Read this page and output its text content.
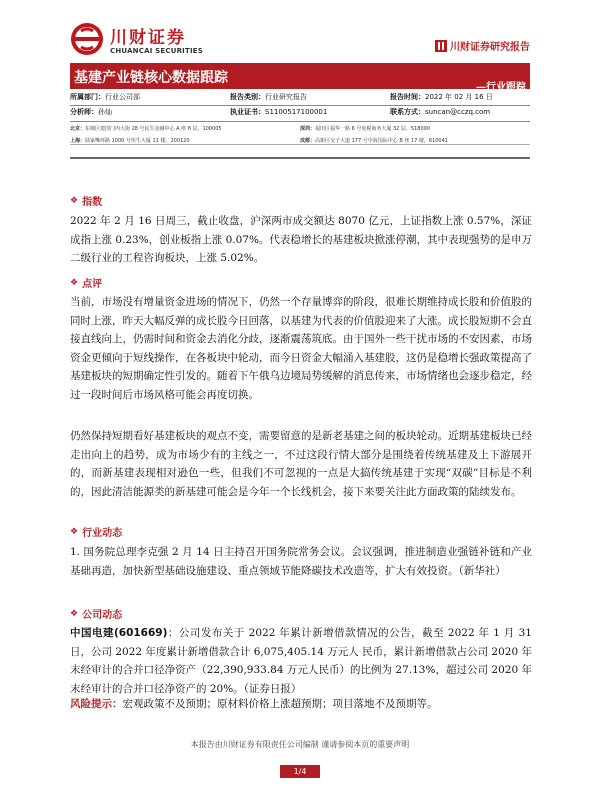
川财证券
CHUANCAI SECURITIES	川财证券研究报告
基建产业链核心数据跟踪
—行业跟踪
所属部门：行业公司部	报告类别：行业研究报告	报告时间：2022 年 02 月 16 日
分析师：孙灿	执业证书：S1100517100001	联系方式：suncan@cczq.com
北京：东城区建国门内大街 28 号民生金融中心 A 座 6 层，100005	深圳：福田区福华一路 6 号免税商务大厦 32 层，518000
上海：陆家嘴环路 1000 号恒生大厦 11 楼，200120	成都：高新区交子大道 177 号中海国际中心 B 座 17 楼，610041
❖ 指数
2022 年 2 月 16 日周三，截止收盘，沪深两市成交额达 8070 亿元，上证指数上涨 0.57%，深证成指上涨 0.23%，创业板指上涨 0.07%。代表稳增长的基建板块掀涨停潮，其中表现强势的是申万二级行业的工程咨询板块，上涨 5.02%。
❖ 点评
当前，市场没有增量资金进场的情况下，仍然一个存量博弈的阶段，很难长期维持成长股和价值股的同时上涨，昨天大幅反弹的成长股今日回落，以基建为代表的价值股迎来了大涨。成长股短期不会直接直线向上，仍需时间和资金去消化分歧，逐渐震荡筑底。由于国外一些干扰市场的不安因素，市场资金更倾向于短线操作，在各板块中轮动，而今日资金大幅涌入基建股，这仍是稳增长强政策提高了基建板块的短期确定性引发的。随着下午俄乌边境局势缓解的消息传来，市场情绪也会逐步稳定，经过一段时间后市场风格可能会再度切换。
仍然保持短期看好基建板块的观点不变，需要留意的是新老基建之间的板块轮动。近期基建板块已经走出向上的趋势，成为市场少有的主线之一，不过这段行情大部分是围绕着传统基建及上下游展开的，而新基建表现相对逊色一些，但我们不可忽视的一点是大搞传统基建于实现“双碳”目标是不利的，因此清洁能源类的新基建可能会是今年一个长线机会，接下来要关注此方面政策的陆续发布。
❖ 行业动态
1. 国务院总理李克强 2 月 14 日主持召开国务院常务会议。会议强调，推进制造业强链补链和产业基础再造，加快新型基础设施建设、重点领域节能降碳技术改造等，扩大有效投资。（新华社）
❖ 公司动态
中国电建(601669)：公司发布关于 2022 年累计新增借款情况的公告，截至 2022 年 1 月 31 日，公司 2022 年度累计新增借款合计 6,075,405.14 万元人 民币，累计新增借款占公司 2020 年末经审计的合并口径净资产（22,390,933.84 万元人民币）的比例为 27.13%，超过公司 2020 年末经审计的合并口径净资产的 20%。（证券日报）
风险提示：宏观政策不及预期；原材料价格上涨超预期；项目落地不及预期等。
本报告由川财证券有限责任公司编制 谨请参阅本页的重要声明
1/4
